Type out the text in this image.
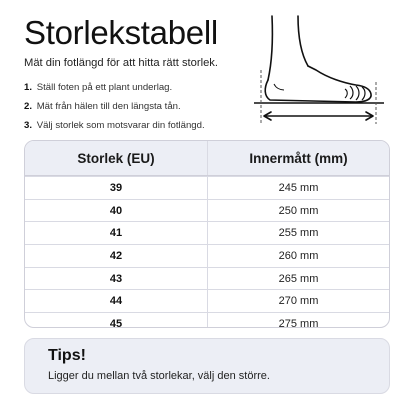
Storlekstabell
Mät din fotlängd för att hitta rätt storlek.
1. Ställ foten på ett plant underlag.
2. Mät från hälen till den längsta tån.
3. Välj storlek som motsvarar din fotlängd.
Storlek (EU)	Innermått (mm)
39	245 mm
40	250 mm
41	255 mm
42	260 mm
43	265 mm
44	270 mm
45	275 mm
Tips!
Ligger du mellan två storlekar, välj den större.
